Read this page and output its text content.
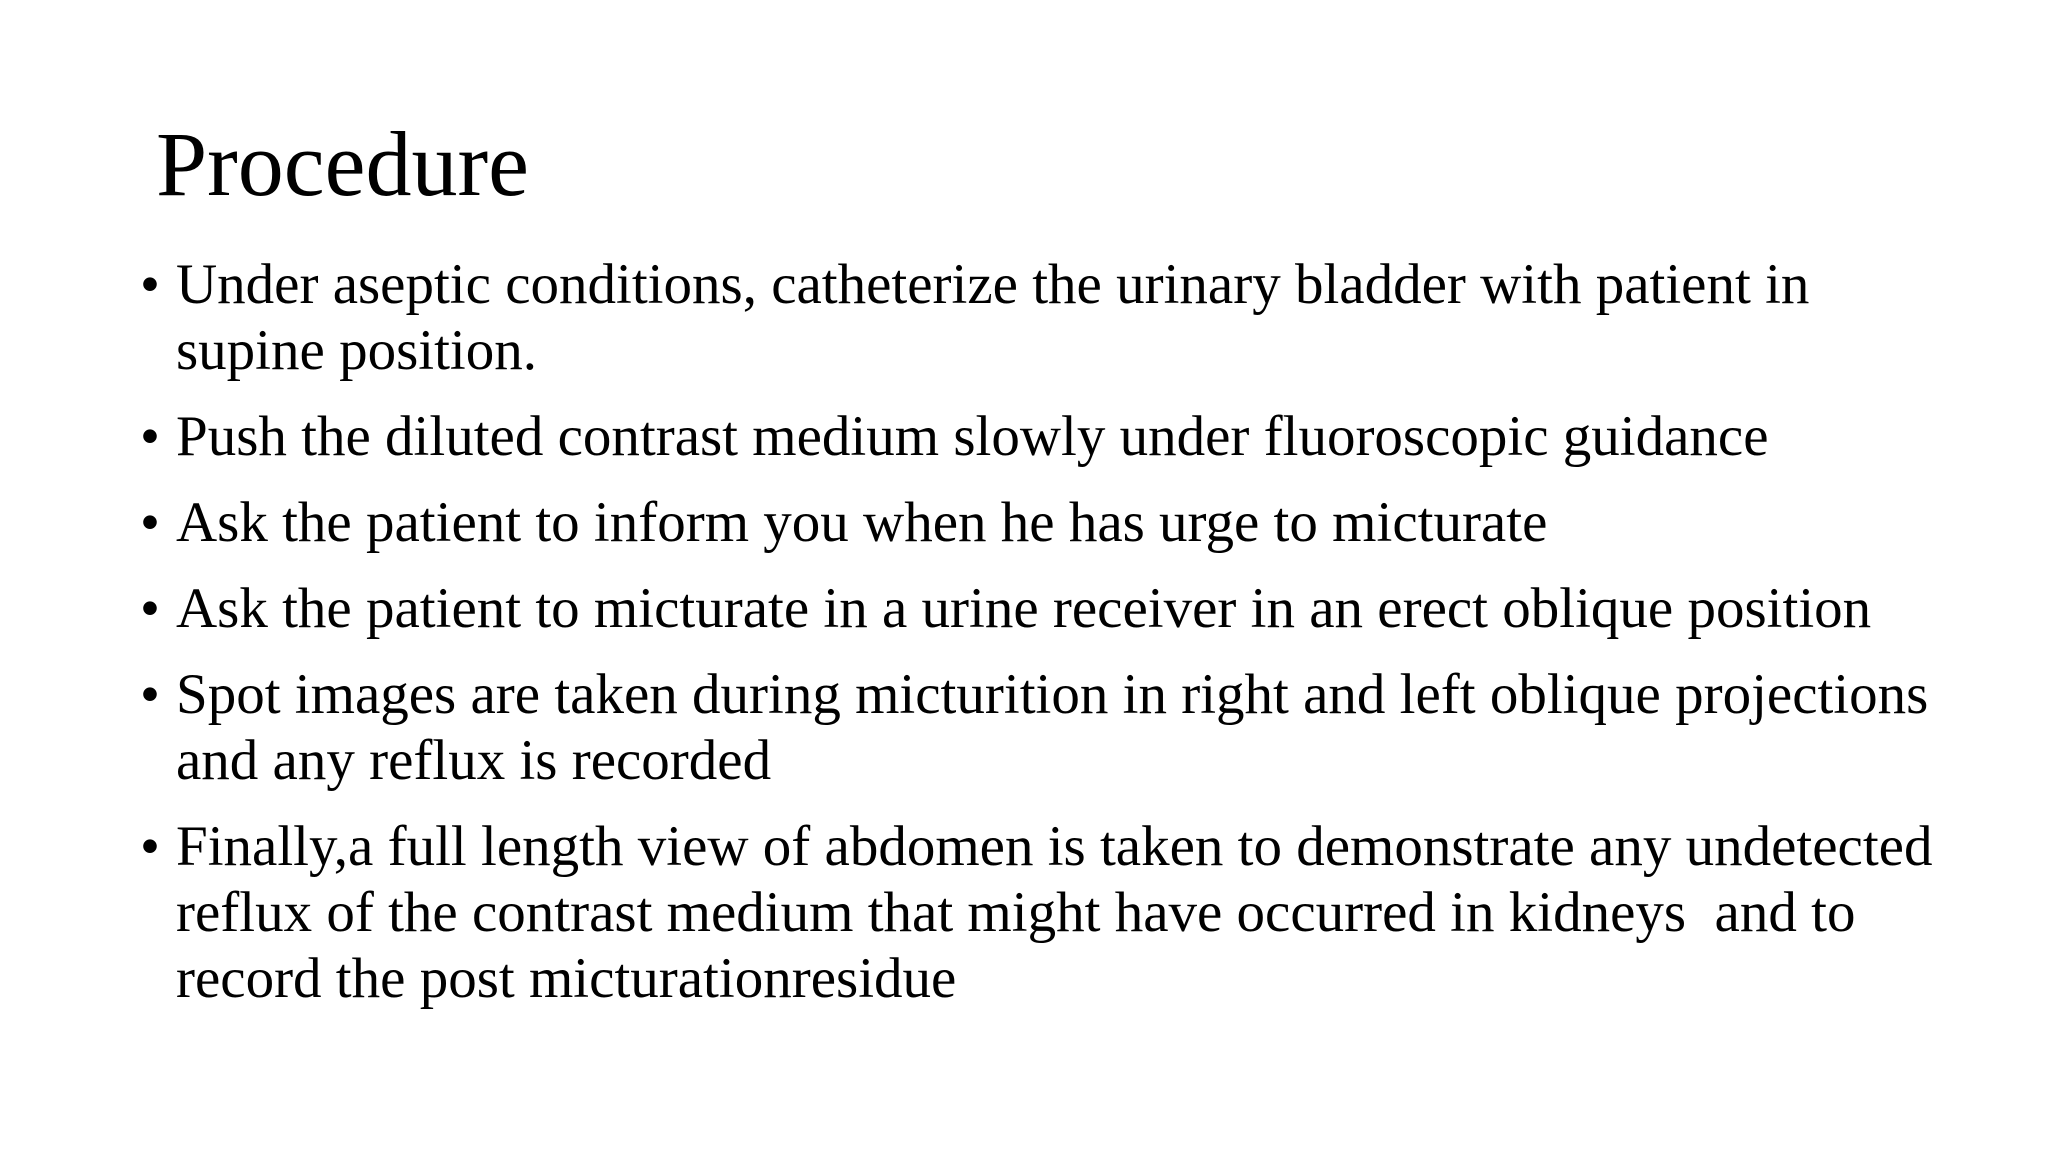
Procedure
• Under aseptic conditions, catheterize the urinary bladder with patient in supine position.
• Push the diluted contrast medium slowly under fluoroscopic guidance
• Ask the patient to inform you when he has urge to micturate
• Ask the patient to micturate in a urine receiver in an erect oblique position
• Spot images are taken during micturition in right and left oblique projections and any reflux is recorded
• Finally,a full length view of abdomen is taken to demonstrate any undetected reflux of the contrast medium that might have occurred in kidneys  and to record the post micturationresidue
